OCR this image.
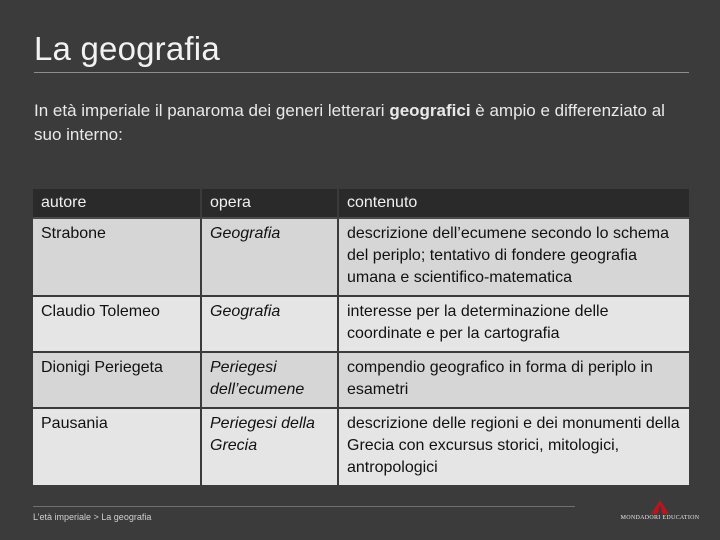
La geografia
In età imperiale il panaroma dei generi letterari geografici è ampio e differenziato al suo interno:
autore	opera	contenuto
Strabone	Geografia	descrizione dell’ecumene secondo lo schema del periplo; tentativo di fondere geografia umana e scientifico-matematica
Claudio Tolemeo	Geografia	interesse per la determinazione delle coordinate e per la cartografia
Dionigi Periegeta	Periegesi dell’ecumene	compendio geografico in forma di periplo in esametri
Pausania	Periegesi della Grecia	descrizione delle regioni e dei monumenti della Grecia con excursus storici, mitologici, antropologici
L’età imperiale > La geografia	MONDADORI EDUCATION
